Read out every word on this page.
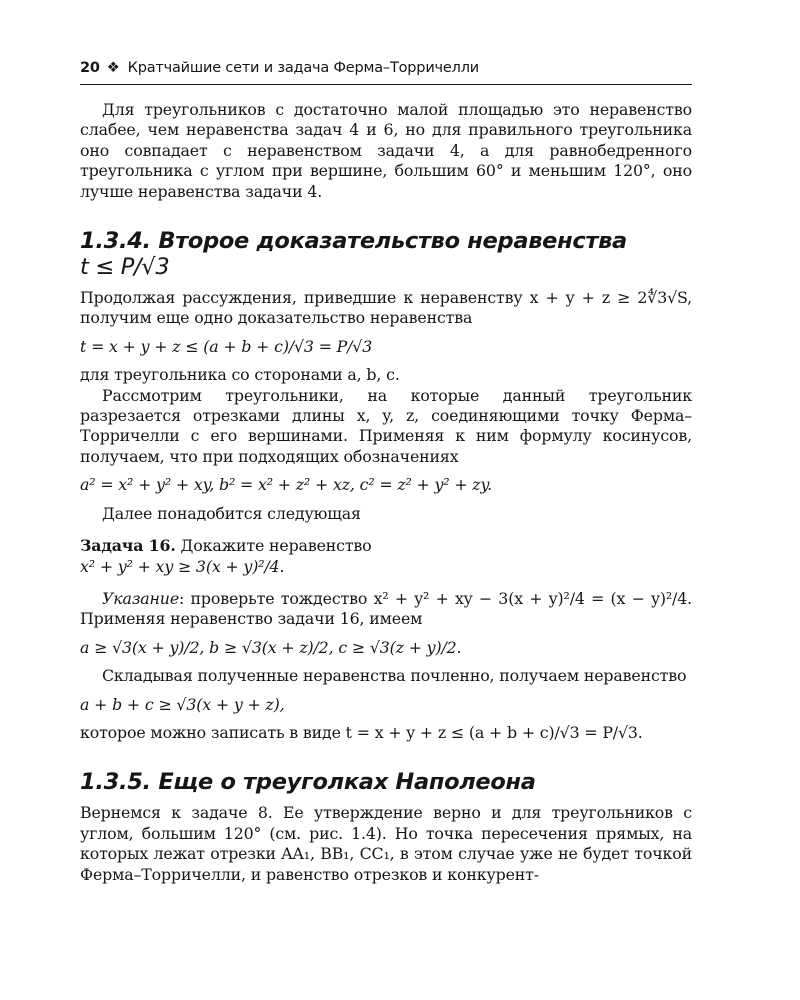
20 ❖ Кратчайшие сети и задача Ферма–Торричелли

Для треугольников с достаточно малой площадью это неравенство слабее, чем неравенства задач 4 и 6, но для правильного треугольника оно совпадает с неравенством задачи 4, а для равнобедренного треугольника с углом при вершине, большим 60° и меньшим 120°, оно лучше неравенства задачи 4.

1.3.4. Второе доказательство неравенства
t ≤ P/√3

Продолжая рассуждения, приведшие к неравенству x + y + z ≥ 2∜3√S, получим еще одно доказательство неравенства

t = x + y + z ≤ (a + b + c)/√3 = P/√3

для треугольника со сторонами a, b, c.

Рассмотрим треугольники, на которые данный треугольник разрезается отрезками длины x, y, z, соединяющими точку Ферма–Торричелли с его вершинами. Применяя к ним формулу косинусов, получаем, что при подходящих обозначениях

a² = x² + y² + xy, b² = x² + z² + xz, c² = z² + y² + zy.

Далее понадобится следующая

Задача 16. Докажите неравенство

x² + y² + xy ≥ 3(x + y)²/4.

Указание: проверьте тождество x² + y² + xy − 3(x + y)²/4 = (x − y)²/4. Применяя неравенство задачи 16, имеем

a ≥ √3(x + y)/2, b ≥ √3(x + z)/2, c ≥ √3(z + y)/2.

Складывая полученные неравенства почленно, получаем неравенство

a + b + c ≥ √3(x + y + z),

которое можно записать в виде t = x + y + z ≤ (a + b + c)/√3 = P/√3.

1.3.5. Еще о треуголках Наполеона

Вернемся к задаче 8. Ее утверждение верно и для треугольников с углом, большим 120° (см. рис. 1.4). Но точка пересечения прямых, на которых лежат отрезки AA₁, BB₁, CC₁, в этом случае уже не будет точкой Ферма–Торричелли, и равенство отрезков и конкурент-
